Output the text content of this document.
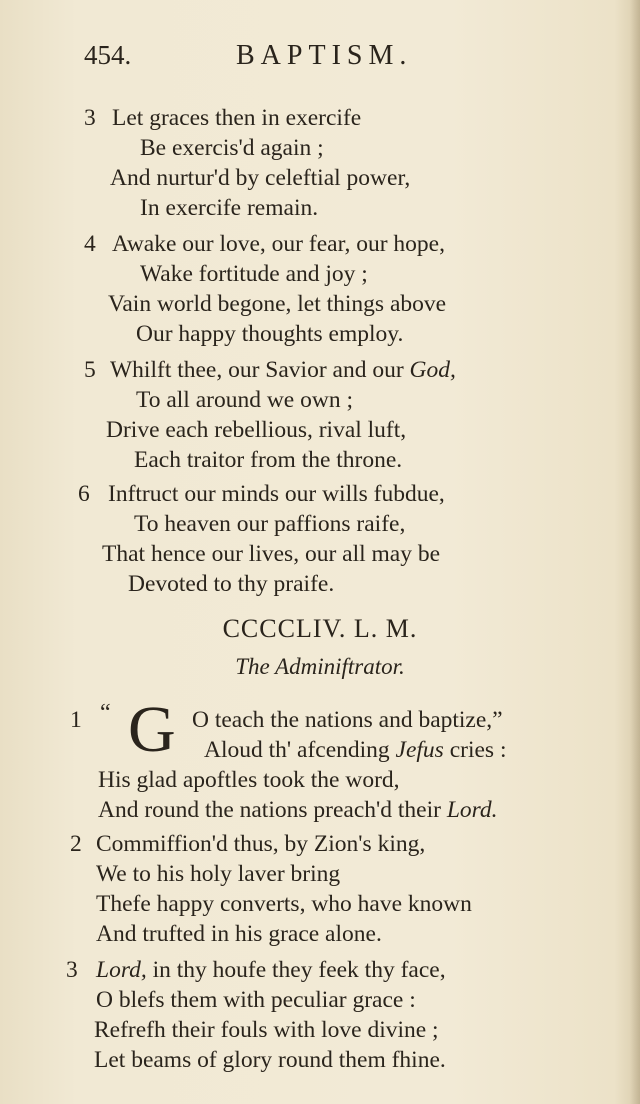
454.	BAPTISM.
3 Let graces then in exercife
Be exercis'd again ;
And nurtur'd by celeftial power,
In exercife remain.
4 Awake our love, our fear, our hope,
Wake fortitude and joy ;
Vain world begone, let things above
Our happy thoughts employ.
5 Whilft thee, our Savior and our God,
To all around we own ;
Drive each rebellious, rival luft,
Each traitor from the throne.
6 Inftruct our minds our wills fubdue,
To heaven our paffions raife,
That hence our lives, our all may be
Devoted to thy praife.
CCCCLIV. L. M.
The Adminiftrator.
1	O teach the nations and baptize,”
Aloud th' afcending Jefus cries :
His glad apoftles took the word,
And round the nations preach'd their Lord.
“ G
2 Commiffion'd thus, by Zion's king,
We to his holy laver bring
Thefe happy converts, who have known
And trufted in his grace alone.
3 Lord, in thy houfe they feek thy face,
O blefs them with peculiar grace :
Refrefh their fouls with love divine ;
Let beams of glory round them fhine.
